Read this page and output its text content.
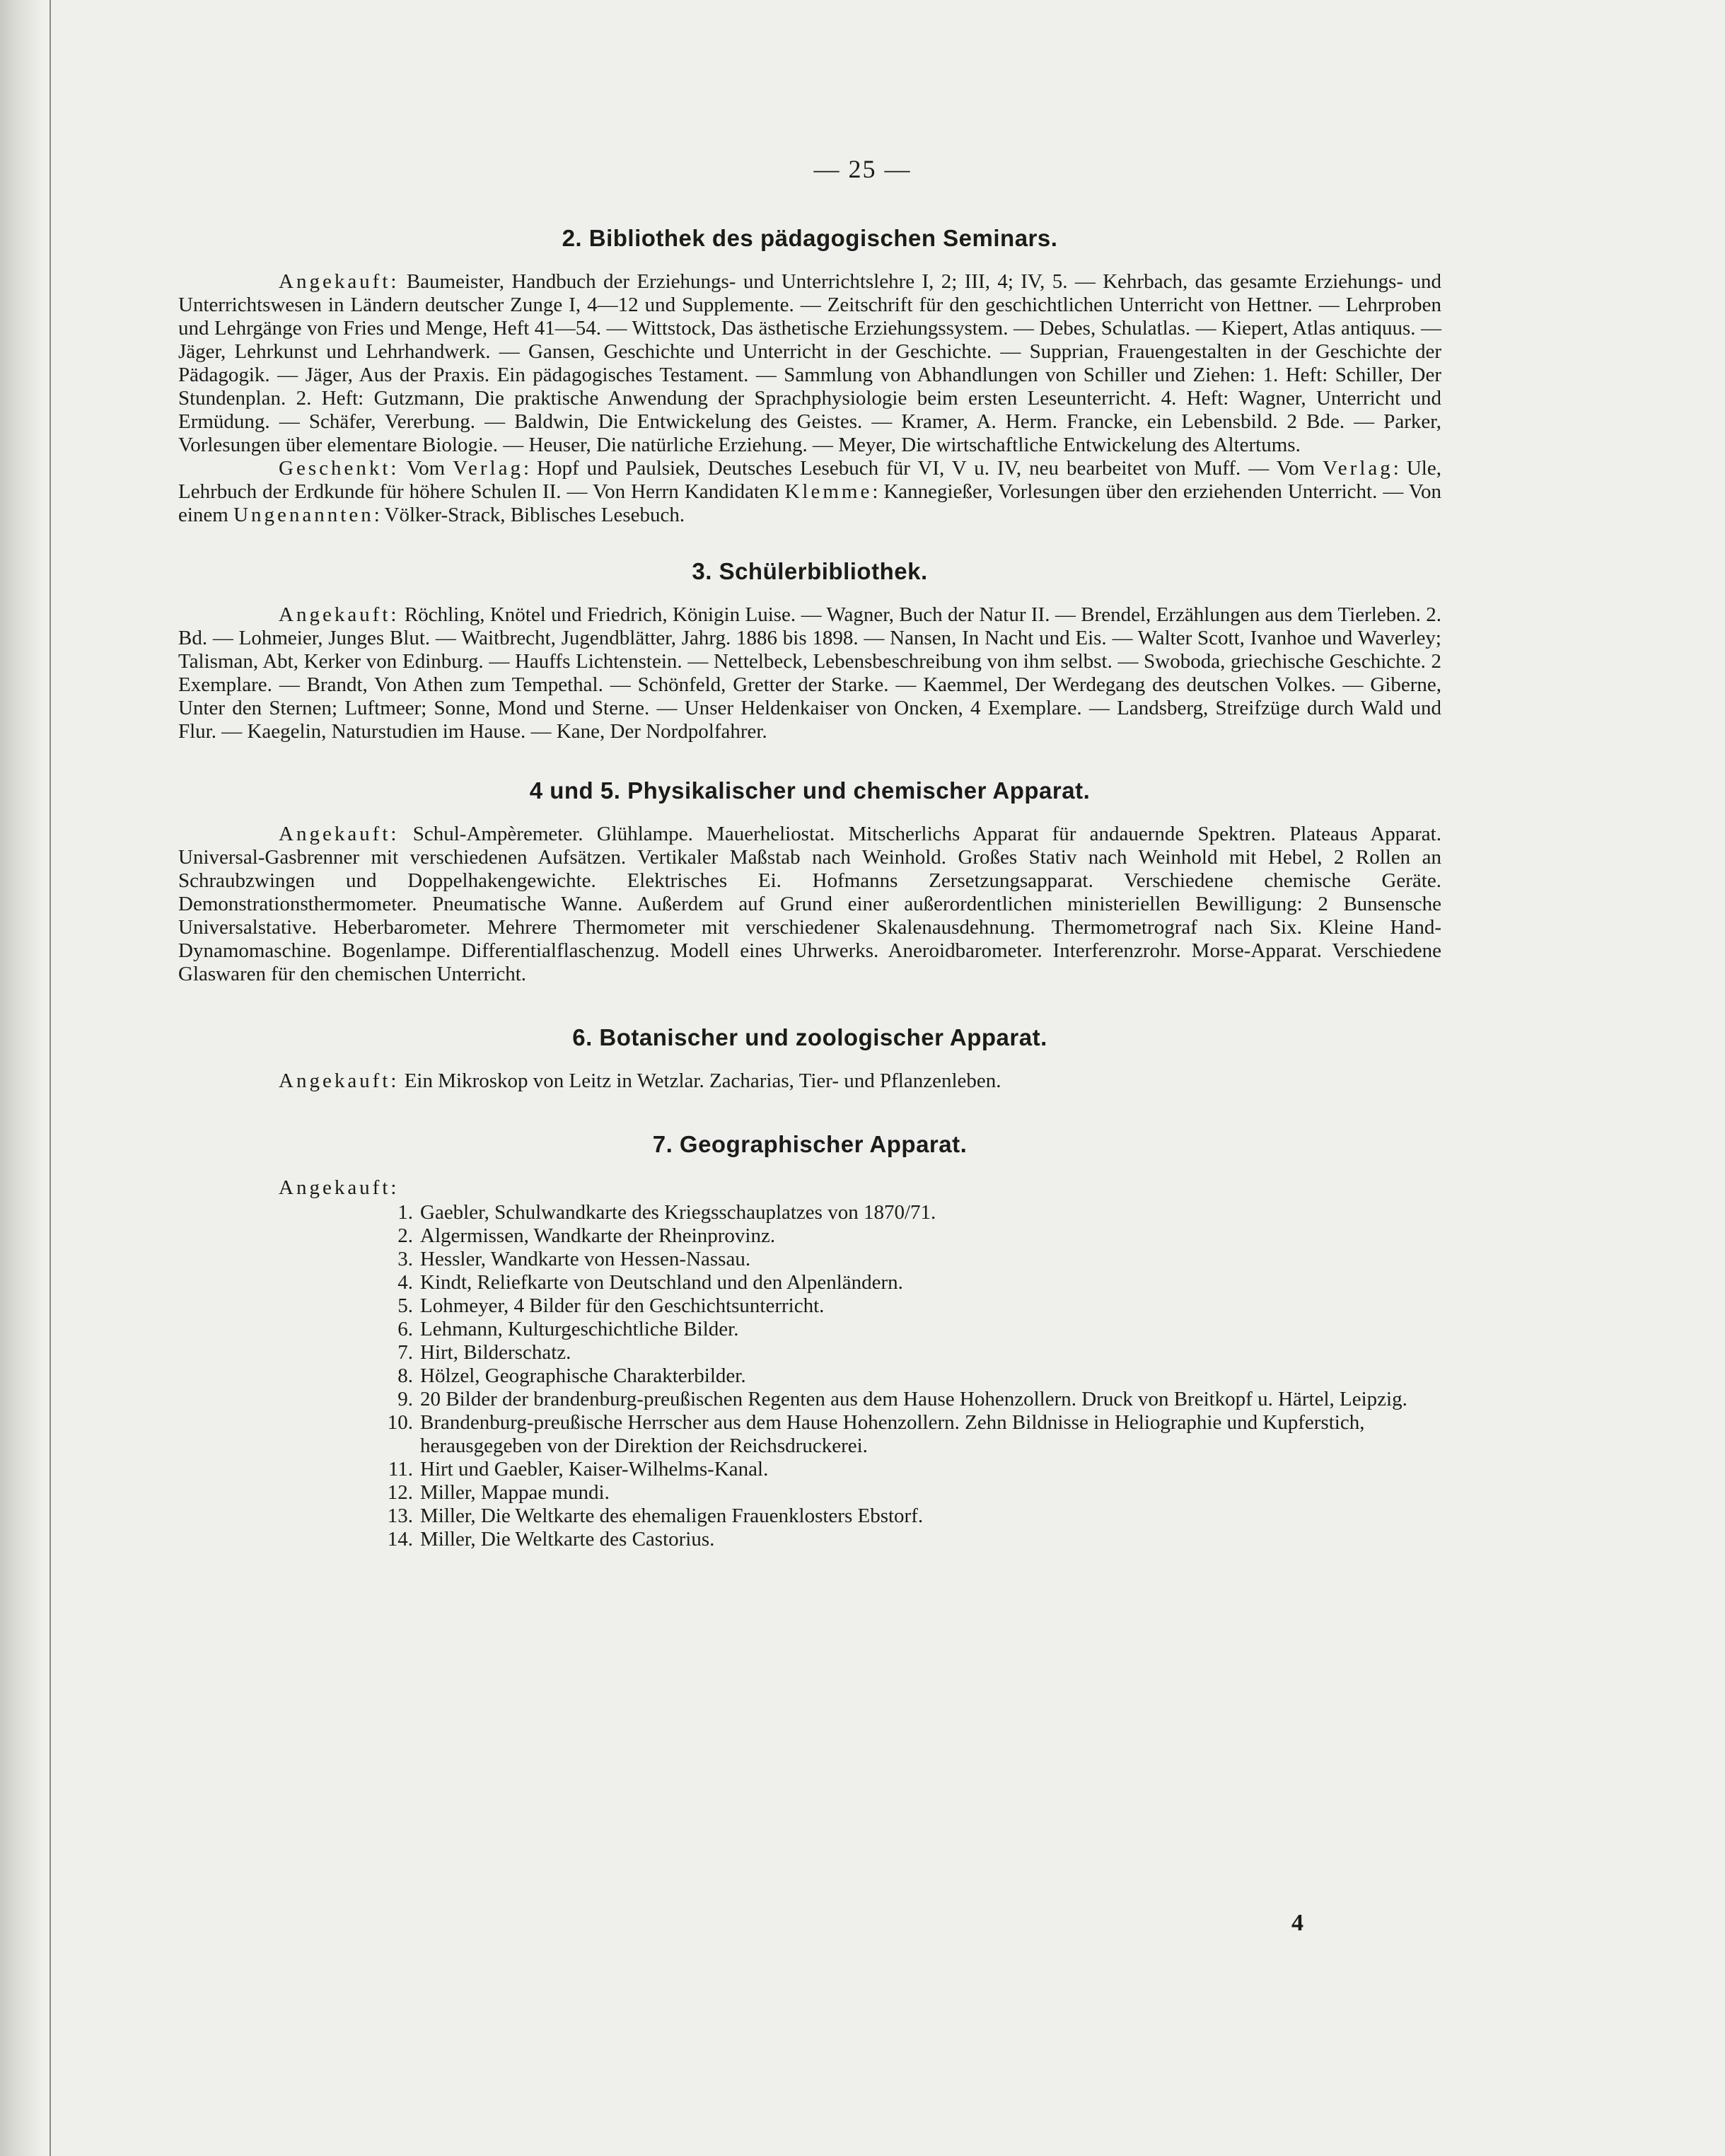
— 25 —
2. Bibliothek des pädagogischen Seminars.

Angekauft: Baumeister, Handbuch der Erziehungs- und Unterrichtslehre I, 2; III, 4; IV, 5. — Kehrbach, das gesamte Erziehungs- und Unterrichtswesen in Ländern deutscher Zunge I, 4—12 und Supplemente. — Zeitschrift für den geschichtlichen Unterricht von Hettner. — Lehrproben und Lehrgänge von Fries und Menge, Heft 41—54. — Wittstock, Das ästhetische Erziehungssystem. — Debes, Schulatlas. — Kiepert, Atlas antiquus. — Jäger, Lehrkunst und Lehrhandwerk. — Gansen, Geschichte und Unterricht in der Geschichte. — Supprian, Frauengestalten in der Geschichte der Pädagogik. — Jäger, Aus der Praxis. Ein pädagogisches Testament. — Sammlung von Abhandlungen von Schiller und Ziehen: 1. Heft: Schiller, Der Stundenplan. 2. Heft: Gutzmann, Die praktische Anwendung der Sprachphysiologie beim ersten Leseunterricht. 4. Heft: Wagner, Unterricht und Ermüdung. — Schäfer, Vererbung. — Baldwin, Die Entwickelung des Geistes. — Kramer, A. Herm. Francke, ein Lebensbild. 2 Bde. — Parker, Vorlesungen über elementare Biologie. — Heuser, Die natürliche Erziehung. — Meyer, Die wirtschaftliche Entwickelung des Altertums.

Geschenkt: Vom Verlag: Hopf und Paulsiek, Deutsches Lesebuch für VI, V u. IV, neu bearbeitet von Muff. — Vom Verlag: Ule, Lehrbuch der Erdkunde für höhere Schulen II. — Von Herrn Kandidaten Klemme: Kannegießer, Vorlesungen über den erziehenden Unterricht. — Von einem Ungenannten: Völker-Strack, Biblisches Lesebuch.

3. Schülerbibliothek.

Angekauft: Röchling, Knötel und Friedrich, Königin Luise. — Wagner, Buch der Natur II. — Brendel, Erzählungen aus dem Tierleben. 2. Bd. — Lohmeier, Junges Blut. — Waitbrecht, Jugendblätter, Jahrg. 1886 bis 1898. — Nansen, In Nacht und Eis. — Walter Scott, Ivanhoe und Waverley; Talisman, Abt, Kerker von Edinburg. — Hauffs Lichtenstein. — Nettelbeck, Lebensbeschreibung von ihm selbst. — Swoboda, griechische Geschichte. 2 Exemplare. — Brandt, Von Athen zum Tempethal. — Schönfeld, Gretter der Starke. — Kaemmel, Der Werdegang des deutschen Volkes. — Giberne, Unter den Sternen; Luftmeer; Sonne, Mond und Sterne. — Unser Heldenkaiser von Oncken, 4 Exemplare. — Landsberg, Streifzüge durch Wald und Flur. — Kaegelin, Naturstudien im Hause. — Kane, Der Nordpolfahrer.

4 und 5. Physikalischer und chemischer Apparat.

Angekauft: Schul-Ampèremeter. Glühlampe. Mauerheliostat. Mitscherlichs Apparat für andauernde Spektren. Plateaus Apparat. Universal-Gasbrenner mit verschiedenen Aufsätzen. Vertikaler Maßstab nach Weinhold. Großes Stativ nach Weinhold mit Hebel, 2 Rollen an Schraubzwingen und Doppelhakengewichte. Elektrisches Ei. Hofmanns Zersetzungsapparat. Verschiedene chemische Geräte. Demonstrationsthermometer. Pneumatische Wanne. Außerdem auf Grund einer außerordentlichen ministeriellen Bewilligung: 2 Bunsensche Universalstative. Heberbarometer. Mehrere Thermometer mit verschiedener Skalenausdehnung. Thermometrograf nach Six. Kleine Hand-Dynamomaschine. Bogenlampe. Differentialflaschenzug. Modell eines Uhrwerks. Aneroidbarometer. Interferenzrohr. Morse-Apparat. Verschiedene Glaswaren für den chemischen Unterricht.

6. Botanischer und zoologischer Apparat.

Angekauft: Ein Mikroskop von Leitz in Wetzlar. Zacharias, Tier- und Pflanzenleben.

7. Geographischer Apparat.

Angekauft:

1. Gaebler, Schulwandkarte des Kriegsschauplatzes von 1870/71.
2. Algermissen, Wandkarte der Rheinprovinz.
3. Hessler, Wandkarte von Hessen-Nassau.
4. Kindt, Reliefkarte von Deutschland und den Alpenländern.
5. Lohmeyer, 4 Bilder für den Geschichtsunterricht.
6. Lehmann, Kulturgeschichtliche Bilder.
7. Hirt, Bilderschatz.
8. Hölzel, Geographische Charakterbilder.
9. 20 Bilder der brandenburg-preußischen Regenten aus dem Hause Hohenzollern. Druck von Breitkopf u. Härtel, Leipzig.
10. Brandenburg-preußische Herrscher aus dem Hause Hohenzollern. Zehn Bildnisse in Heliographie und Kupferstich, herausgegeben von der Direktion der Reichsdruckerei.
11. Hirt und Gaebler, Kaiser-Wilhelms-Kanal.
12. Miller, Mappae mundi.
13. Miller, Die Weltkarte des ehemaligen Frauenklosters Ebstorf.
14. Miller, Die Weltkarte des Castorius.
4
